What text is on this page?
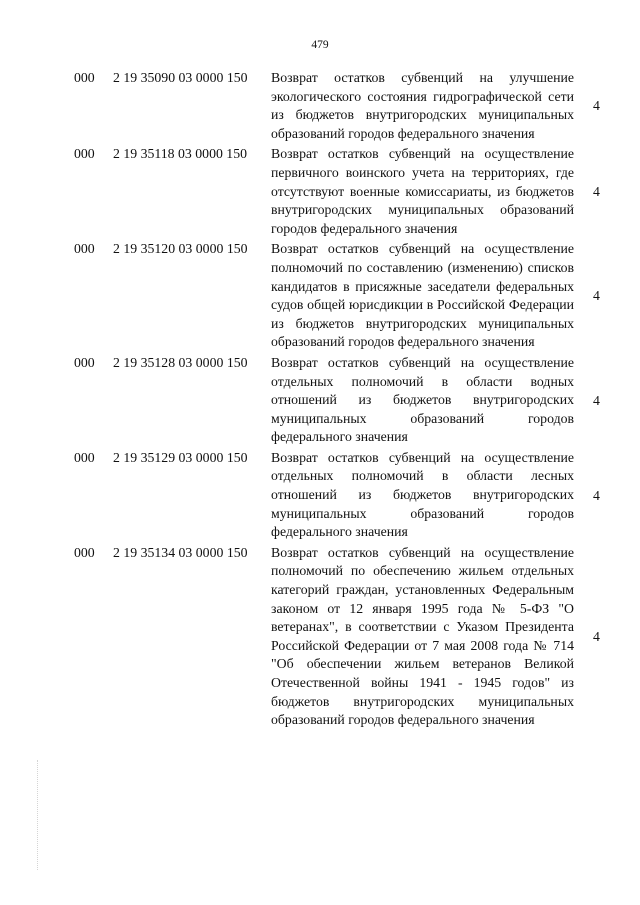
479
000 2 19 35090 03 0000 150 Возврат остатков субвенций на улучшение экологического состояния гидрографической сети из бюджетов внутригородских муниципальных образований городов федерального значения
4
000 2 19 35118 03 0000 150 Возврат остатков субвенций на осуществление первичного воинского учета на территориях, где отсутствуют военные комиссариаты, из бюджетов внутригородских муниципальных образований городов федерального значения
4
000 2 19 35120 03 0000 150 Возврат остатков субвенций на осуществление полномочий по составлению (изменению) списков кандидатов в присяжные заседатели федеральных судов общей юрисдикции в Российской Федерации из бюджетов внутригородских муниципальных образований городов федерального значения
4
000 2 19 35128 03 0000 150 Возврат остатков субвенций на осуществление отдельных полномочий в области водных отношений из бюджетов внутригородских муниципальных образований городов федерального значения
4
000 2 19 35129 03 0000 150 Возврат остатков субвенций на осуществление отдельных полномочий в области лесных отношений из бюджетов внутригородских муниципальных образований городов федерального значения
4
000 2 19 35134 03 0000 150 Возврат остатков субвенций на осуществление полномочий по обеспечению жильем отдельных категорий граждан, установленных Федеральным законом от 12 января 1995 года № 5-ФЗ "О ветеранах", в соответствии с Указом Президента Российской Федерации от 7 мая 2008 года № 714 "Об обеспечении жильем ветеранов Великой Отечественной войны 1941 - 1945 годов" из бюджетов внутригородских муниципальных образований городов федерального значения
4
